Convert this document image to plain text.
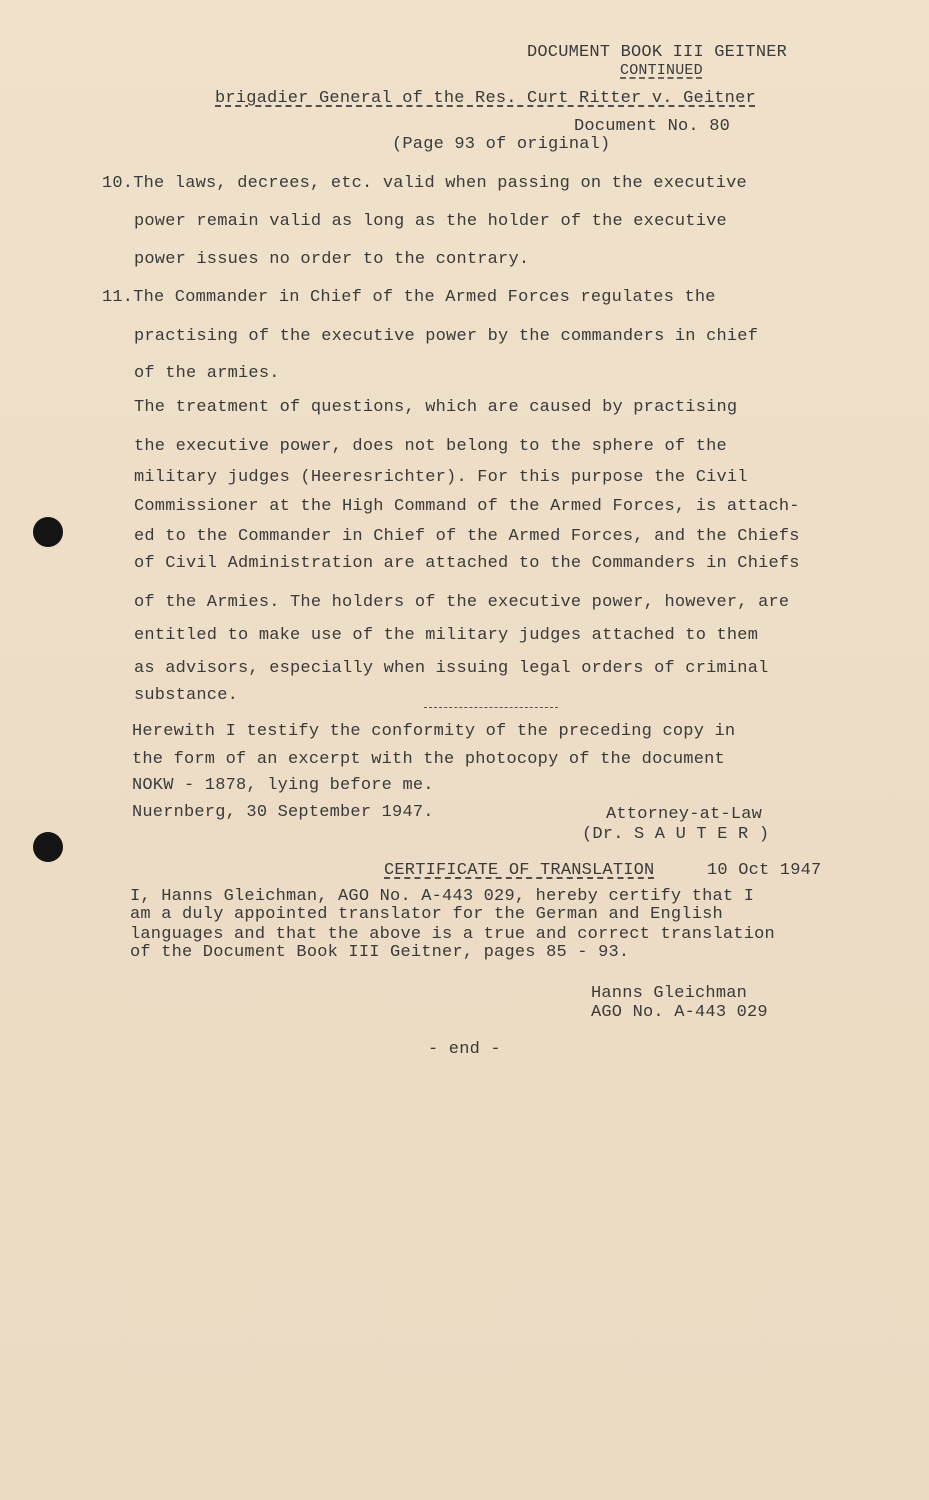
DOCUMENT BOOK III GEITNER
CONTINUED
brigadier General of the Res. Curt Ritter v. Geitner
Document No. 80
(Page 93 of original)
10.The laws, decrees, etc. valid when passing on the executive
power remain valid as long as the holder of the executive
power issues no order to the contrary.
11.The Commander in Chief of the Armed Forces regulates the
practising of the executive power by the commanders in chief
of the armies.
The treatment of questions, which are caused by practising
the executive power, does not belong to the sphere of the
military judges (Heeresrichter). For this purpose the Civil
Commissioner at the High Command of the Armed Forces, is attach-
ed to the Commander in Chief of the Armed Forces, and the Chiefs
of Civil Administration are attached to the Commanders in Chiefs
of the Armies. The holders of the executive power, however, are
entitled to make use of the military judges attached to them
as advisors, especially when issuing legal orders of criminal
substance.
Herewith I testify the conformity of the preceding copy in
the form of an excerpt with the photocopy of the document
NOKW - 1878, lying before me.
Nuernberg, 30 September 1947.	Attorney-at-Law
(Dr. S A U T E R )
CERTIFICATE OF TRANSLATION	10 Oct 1947
I, Hanns Gleichman, AGO No. A-443 029, hereby certify that I
am a duly appointed translator for the German and English
languages and that the above is a true and correct translation
of the Document Book III Geitner, pages 85 - 93.
Hanns Gleichman
AGO No. A-443 029
- end -
